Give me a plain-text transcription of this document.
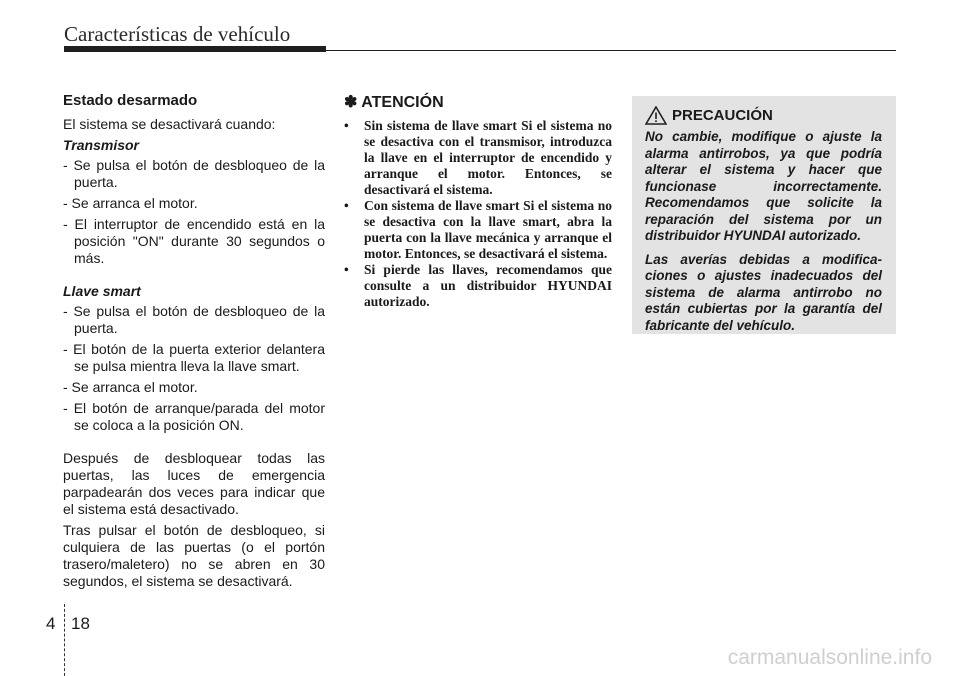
Características de vehículo
Estado desarmado

El sistema se desactivará cuando:

Transmisor
- Se pulsa el botón de desbloqueo de la puerta.
- Se arranca el motor.
- El interruptor de encendido está en la posición "ON" durante 30 segundos o más.
Llave smart
- Se pulsa el botón de desbloqueo de la puerta.
- El botón de la puerta exterior delantera se pulsa mientra lleva la llave smart.
- Se arranca el motor.
- El botón de arranque/parada del motor se coloca a la posición ON.

Después de desbloquear todas las puertas, las luces de emergencia parpadearán dos veces para indicar que el sistema está desactivado.

Tras pulsar el botón de desbloqueo, si culquiera de las puertas (o el portón trasero/maletero) no se abren en 30 segundos, el sistema se desactivará.

✽ ATENCIÓN
• Sin sistema de llave smart Si el sistema no se desactiva con el transmisor, introduzca la llave en el interruptor de encendido y arranque el motor. Entonces, se desactivará el sistema.
• Con sistema de llave smart Si el sistema no se desactiva con la llave smart, abra la puerta con la llave mecánica y arranque el motor. Entonces, se desactivará el sistema.
• Si pierde las llaves, recomendamos que consulte a un distribuidor HYUNDAI autorizado.
PRECAUCIÓN

No cambie, modifique o ajuste la alarma antirrobos, ya que podría alterar el sistema y hacer que funcionase incorrectamente. Recomendamos que solicite la reparación del sistema por un distribuidor HYUNDAI autorizado.

Las averías debidas a modifica-ciones o ajustes inadecuados del sistema de alarma antirrobo no están cubiertas por la garantía del fabricante del vehículo.

4 18
carmanualsonline.info
